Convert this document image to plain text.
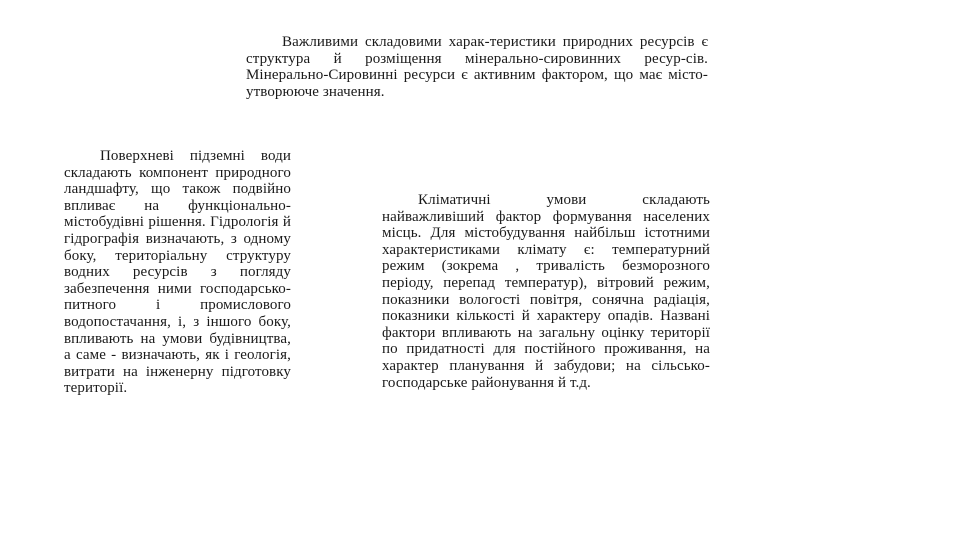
Важливими складовими харак-теристики природних ресурсів є структура й розміщення мінерально-сировинних ресур-сів. Мінерально-Сировинні ресурси є активним фактором, що має місто-утворююче значення.

Поверхневі підземні води складають компонент природного ландшафту, що також подвійно впливає на функціонально-містобудівні рішення. Гідрологія й гідрографія визначають, з одному боку, територіальну структуру водних ресурсів з погляду забезпечення ними господарсько-питного і промислового водопостачання, і, з іншого боку, впливають на умови будівництва, а саме - визначають, як і геологія, витрати на інженерну підготовку території.

Кліматичні умови складають найважливіший фактор формування населених місць. Для містобудування найбільш істотними характеристиками клімату є: температурний режим (зокрема , тривалість безморозного періоду, перепад температур), вітровий режим, показники вологості повітря, сонячна радіація, показники кількості й характеру опадів. Названі фактори впливають на загальну оцінку території по придатності для постійного проживання, на характер планування й забудови; на сільсько-господарське районування й т.д.
